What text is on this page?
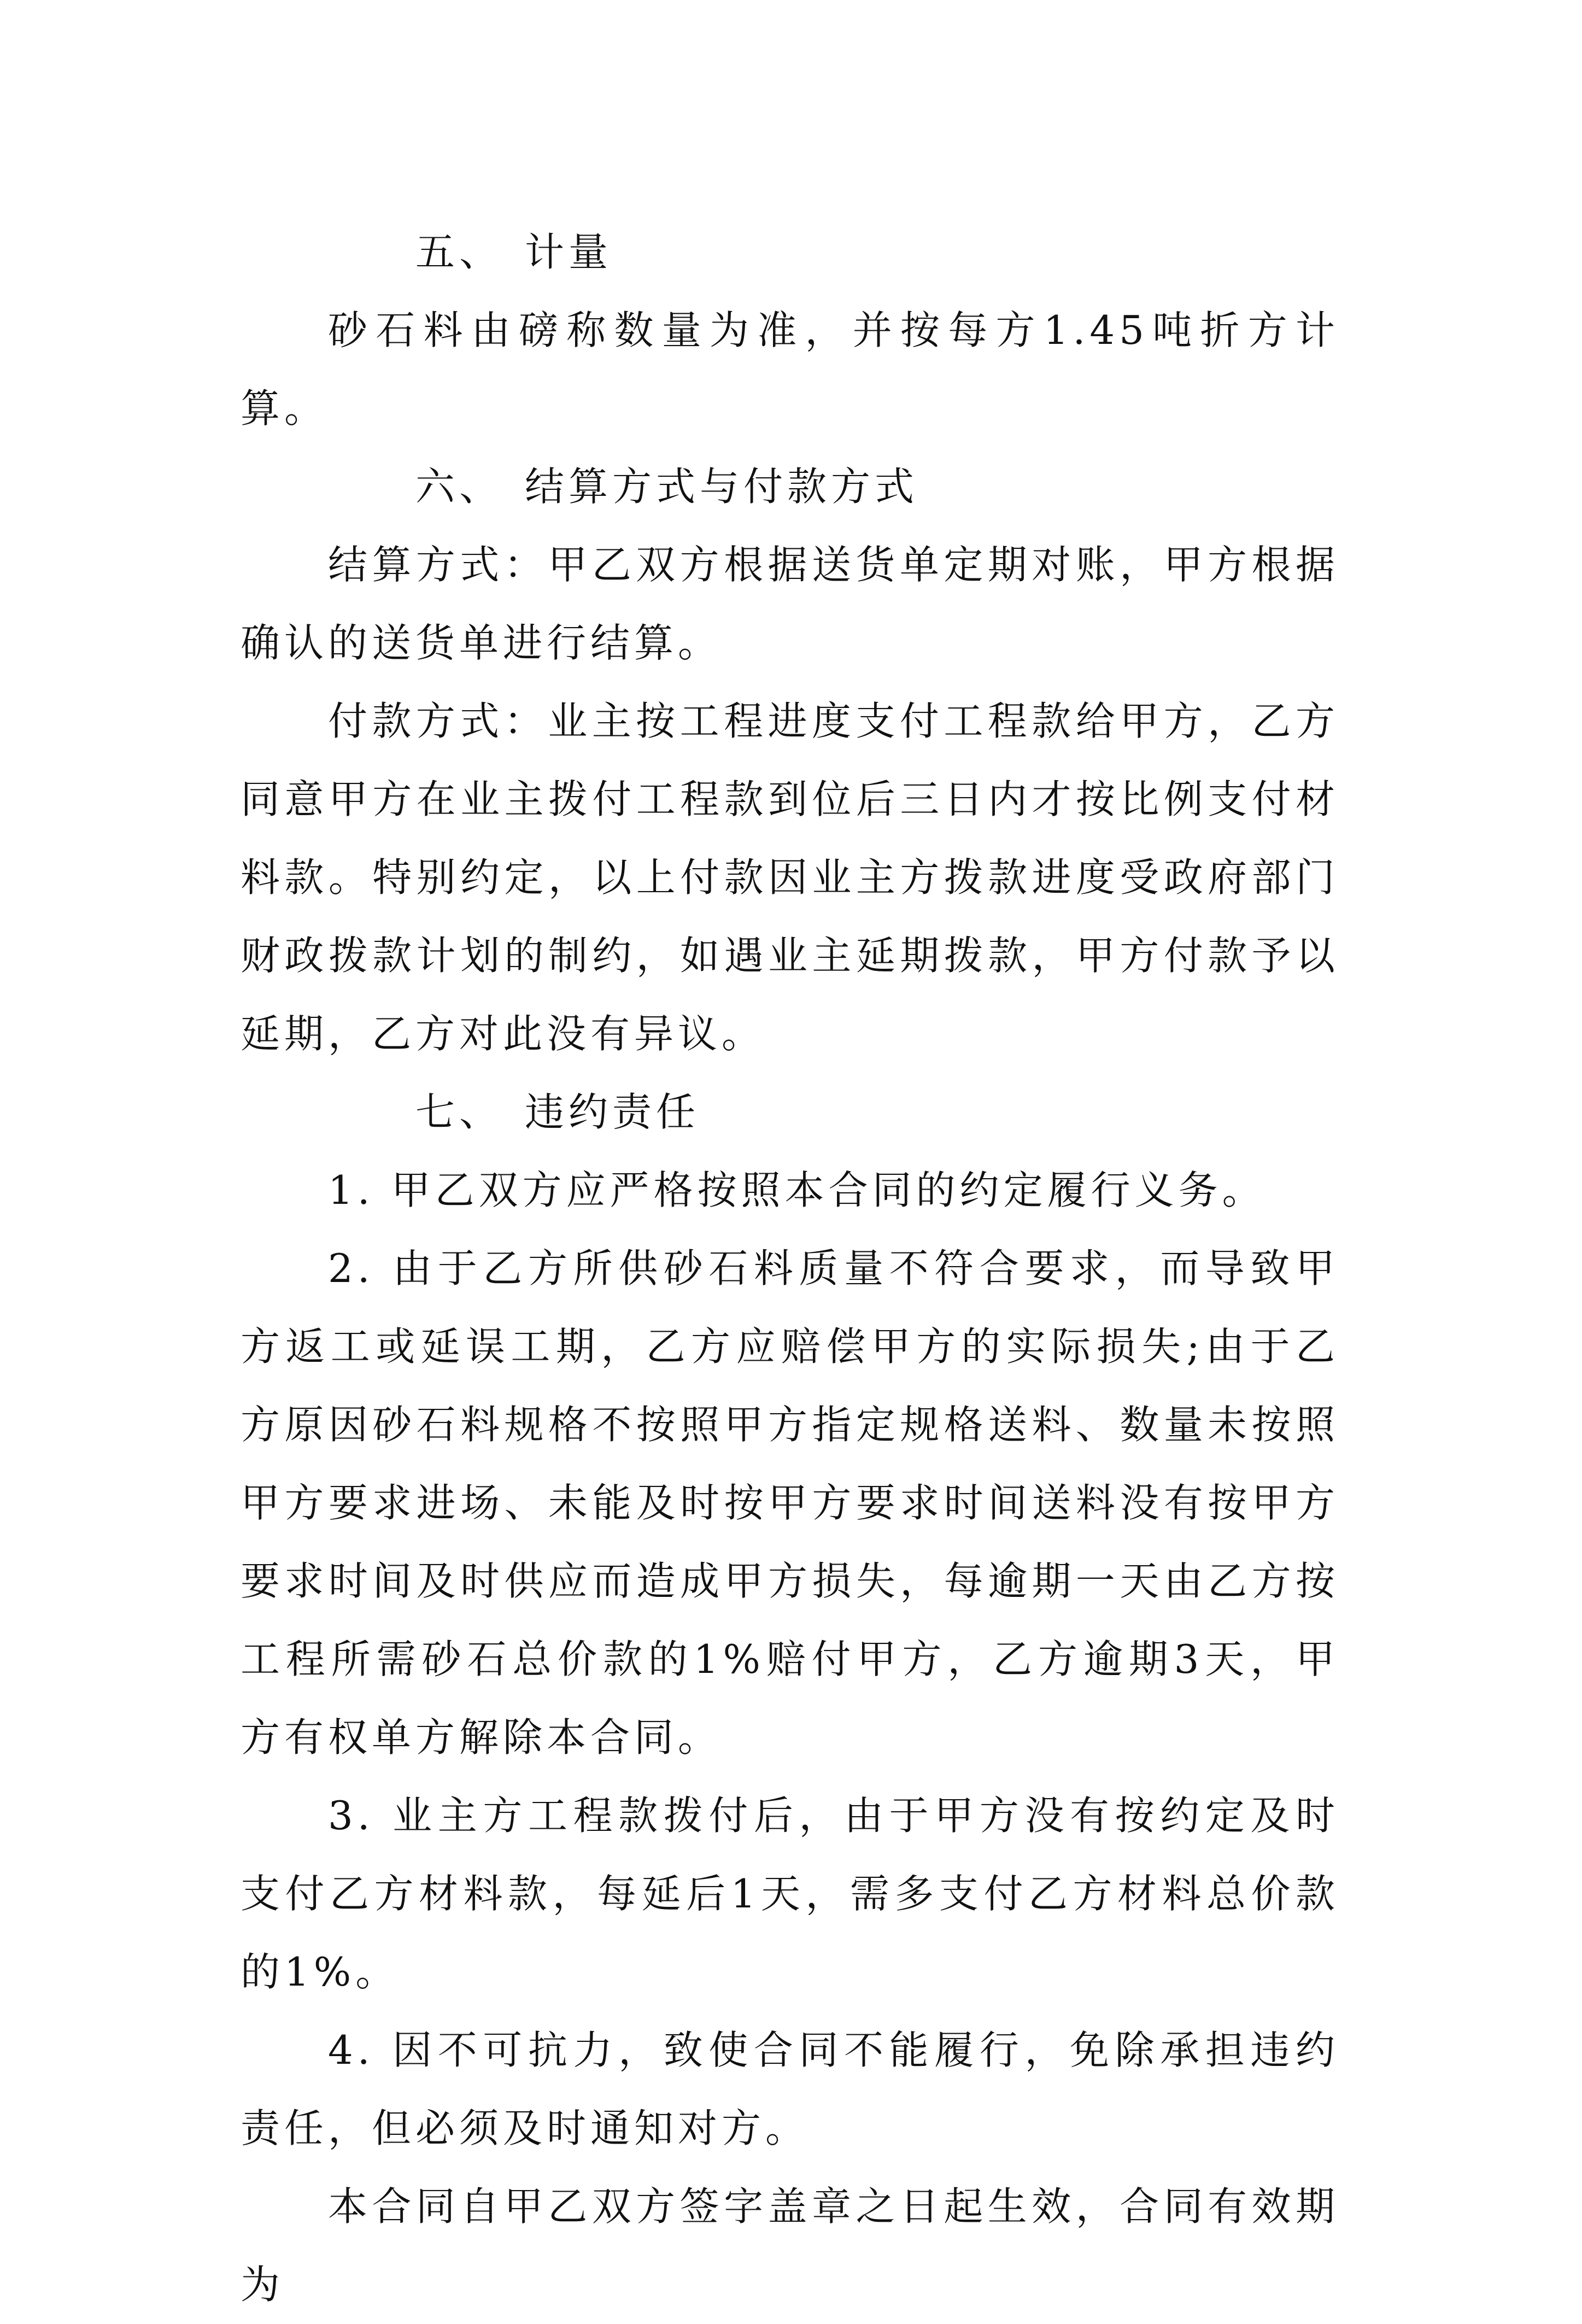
五、 计量

砂石料由磅称数量为准，并按每方1.45吨折方计算。

六、 结算方式与付款方式

结算方式：甲乙双方根据送货单定期对账，甲方根据确认的送货单进行结算。

付款方式：业主按工程进度支付工程款给甲方，乙方同意甲方在业主拨付工程款到位后三日内才按比例支付材料款。特别约定，以上付款因业主方拨款进度受政府部门财政拨款计划的制约，如遇业主延期拨款，甲方付款予以延期，乙方对此没有异议。

七、 违约责任

1. 甲乙双方应严格按照本合同的约定履行义务。

2. 由于乙方所供砂石料质量不符合要求，而导致甲方返工或延误工期，乙方应赔偿甲方的实际损失;由于乙方原因砂石料规格不按照甲方指定规格送料、数量未按照甲方要求进场、未能及时按甲方要求时间送料没有按甲方要求时间及时供应而造成甲方损失，每逾期一天由乙方按工程所需砂石总价款的1%赔付甲方，乙方逾期3天，甲方有权单方解除本合同。

3. 业主方工程款拨付后，由于甲方没有按约定及时支付乙方材料款，每延后1天，需多支付乙方材料总价款的1%。

4. 因不可抗力，致使合同不能履行，免除承担违约责任，但必须及时通知对方。

本合同自甲乙双方签字盖章之日起生效，合同有效期为
